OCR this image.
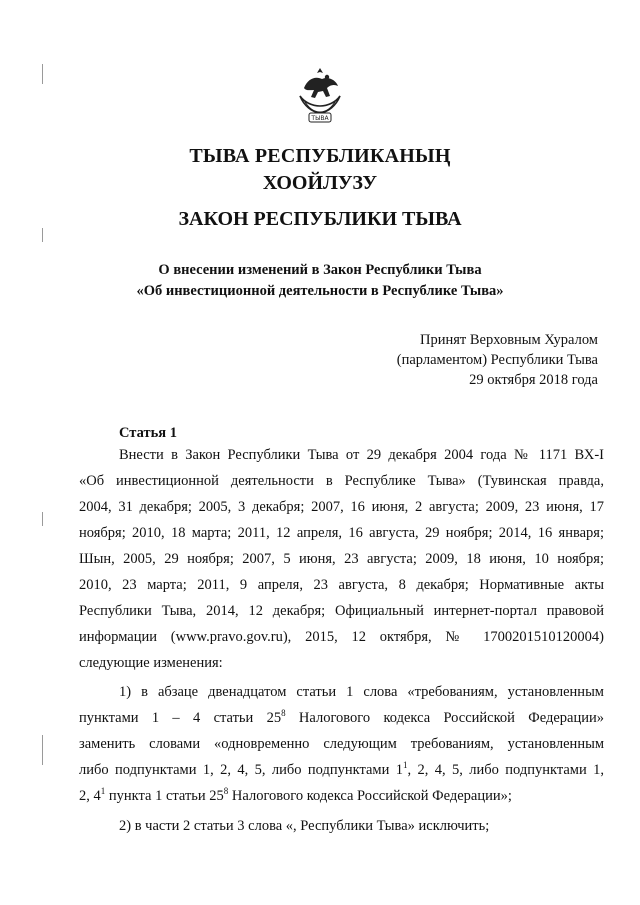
ТЫВА
ТЫВА РЕСПУБЛИКАНЫҢ
ХООЙЛУЗУ
ЗАКОН РЕСПУБЛИКИ ТЫВА
О внесении изменений в Закон Республики Тыва
«Об инвестиционной деятельности в Республике Тыва»
Принят Верховным Хуралом
(парламентом) Республики Тыва
29 октября 2018 года
Статья 1
Внести в Закон Республики Тыва от 29 декабря 2004 года № 1171 ВХ-I
«Об инвестиционной деятельности в Республике Тыва» (Тувинская правда,
2004, 31 декабря; 2005, 3 декабря; 2007, 16 июня, 2 августа; 2009, 23 июня, 17
ноября; 2010, 18 марта; 2011, 12 апреля, 16 августа, 29 ноября; 2014, 16 января;
Шын, 2005, 29 ноября; 2007, 5 июня, 23 августа; 2009, 18 июня, 10 ноября;
2010, 23 марта; 2011, 9 апреля, 23 августа, 8 декабря; Нормативные акты
Республики Тыва, 2014, 12 декабря; Официальный интернет-портал правовой
информации (www.pravo.gov.ru), 2015, 12 октября, № 1700201510120004)
следующие изменения:
1) в абзаце двенадцатом статьи 1 слова «требованиям, установленным
пунктами 1 – 4 статьи $25^8$ Налогового кодекса Российской Федерации»
заменить словами «одновременно следующим требованиям, установленным
либо подпунктами 1, 2, 4, 5, либо подпунктами $1^1$, 2, 4, 5, либо подпунктами 1,
2, $4^1$ пункта 1 статьи $25^8$ Налогового кодекса Российской Федерации»;
2) в части 2 статьи 3 слова «, Республики Тыва» исключить;
